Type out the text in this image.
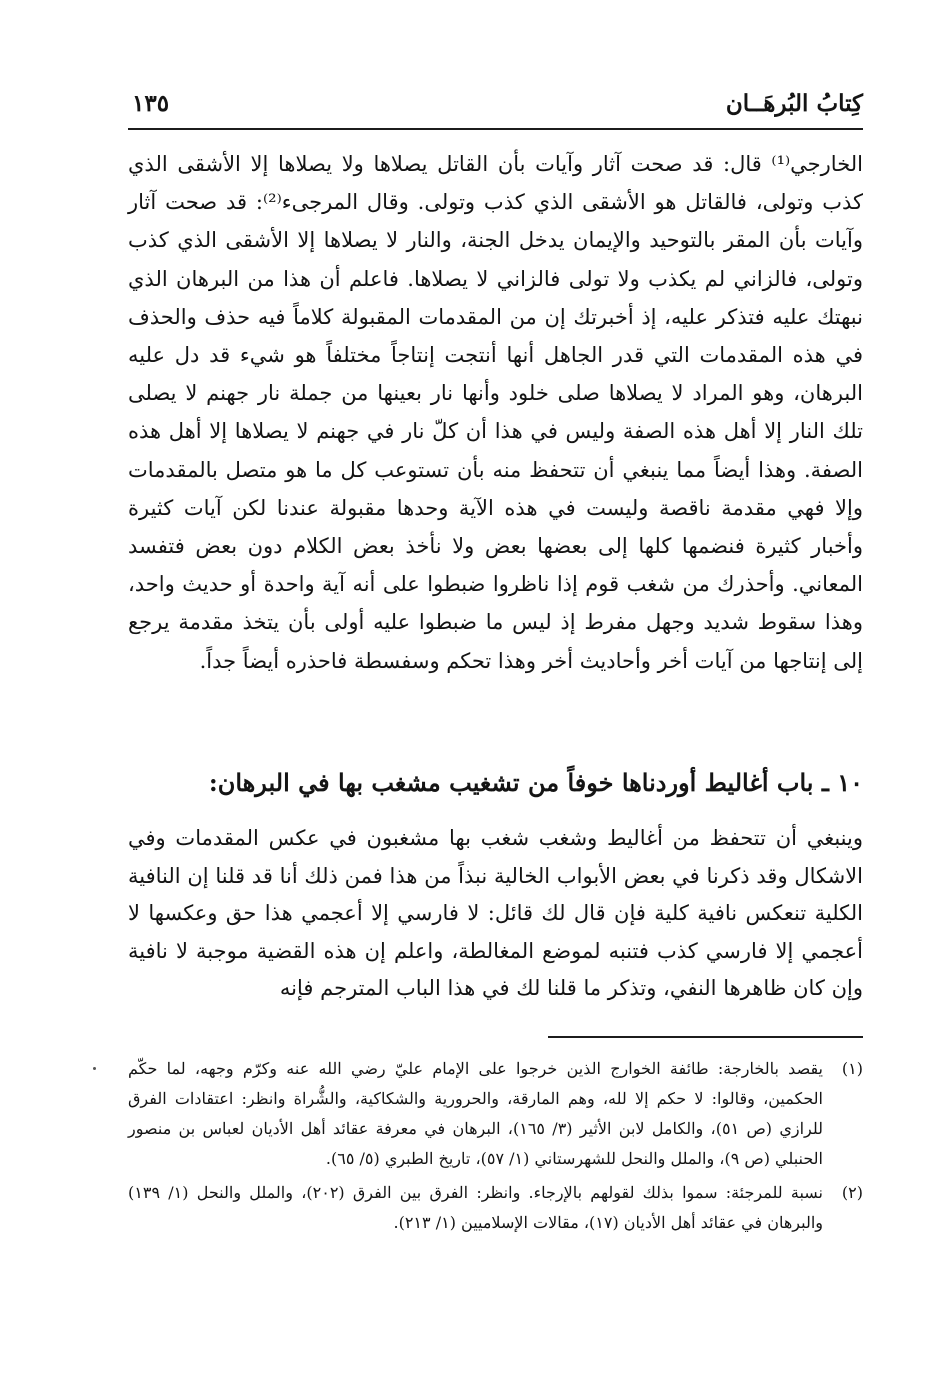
كِتابُ البُرهَــان
١٣٥

الخارجي⁽¹⁾ قال: قد صحت آثار وآيات بأن القاتل يصلاها ولا يصلاها إلا الأشقى الذي كذب وتولى، فالقاتل هو الأشقى الذي كذب وتولى. وقال المرجىء⁽²⁾: قد صحت آثار وآيات بأن المقر بالتوحيد والإيمان يدخل الجنة، والنار لا يصلاها إلا الأشقى الذي كذب وتولى، فالزاني لم يكذب ولا تولى فالزاني لا يصلاها. فاعلم أن هذا من البرهان الذي نبهتك عليه فتذكر عليه، إذ أخبرتك إن من المقدمات المقبولة كلاماً فيه حذف والحذف في هذه المقدمات التي قدر الجاهل أنها أنتجت إنتاجاً مختلفاً هو شيء قد دل عليه البرهان، وهو المراد لا يصلاها صلى خلود وأنها نار بعينها من جملة نار جهنم لا يصلى تلك النار إلا أهل هذه الصفة وليس في هذا أن كلّ نار في جهنم لا يصلاها إلا أهل هذه الصفة. وهذا أيضاً مما ينبغي أن تتحفظ منه بأن تستوعب كل ما هو متصل بالمقدمات وإلا فهي مقدمة ناقصة وليست في هذه الآية وحدها مقبولة عندنا لكن آيات كثيرة وأخبار كثيرة فنضمها كلها إلى بعضها بعض ولا نأخذ بعض الكلام دون بعض فتفسد المعاني. وأحذرك من شغب قوم إذا ناظروا ضبطوا على أنه آية واحدة أو حديث واحد، وهذا سقوط شديد وجهل مفرط إذ ليس ما ضبطوا عليه أولى بأن يتخذ مقدمة يرجع إلى إنتاجها من آيات أخر وأحاديث أخر وهذا تحكم وسفسطة فاحذره أيضاً جداً.

١٠ ـ باب أغاليط أوردناها خوفاً من تشغيب مشغب بها في البرهان:

وينبغي أن تتحفظ من أغاليط وشغب شغب بها مشغبون في عكس المقدمات وفي الاشكال وقد ذكرنا في بعض الأبواب الخالية نبذاً من هذا فمن ذلك أنا قد قلنا إن النافية الكلية تنعكس نافية كلية فإن قال لك قائل: لا فارسي إلا أعجمي هذا حق وعكسها لا أعجمي إلا فارسي كذب فتنبه لموضع المغالطة، واعلم إن هذه القضية موجبة لا نافية وإن كان ظاهرها النفي، وتذكر ما قلنا لك في هذا الباب المترجم فإنه

(١)
يقصد بالخارجة: طائفة الخوارج الذين خرجوا على الإمام عليّ رضي الله عنه وكرّم وجهه، لما حكّم الحكمين، وقالوا: لا حكم إلا لله، وهم المارقة، والحرورية والشكاكية، والشُّراة وانظر: اعتقادات الفرق للرازي (ص ٥١)، والكامل لابن الأثير (٣/ ١٦٥)، البرهان في معرفة عقائد أهل الأديان لعباس بن منصور الحنبلي (ص ٩)، والملل والنحل للشهرستاني (١/ ٥٧)، تاريخ الطبري (٥/ ٦٥).
(٢)
نسبة للمرجئة: سموا بذلك لقولهم بالإرجاء. وانظر: الفرق بين الفرق (٢٠٢)، والملل والنحل (١/ ١٣٩) والبرهان في عقائد أهل الأديان (١٧)، مقالات الإسلاميين (١/ ٢١٣).
